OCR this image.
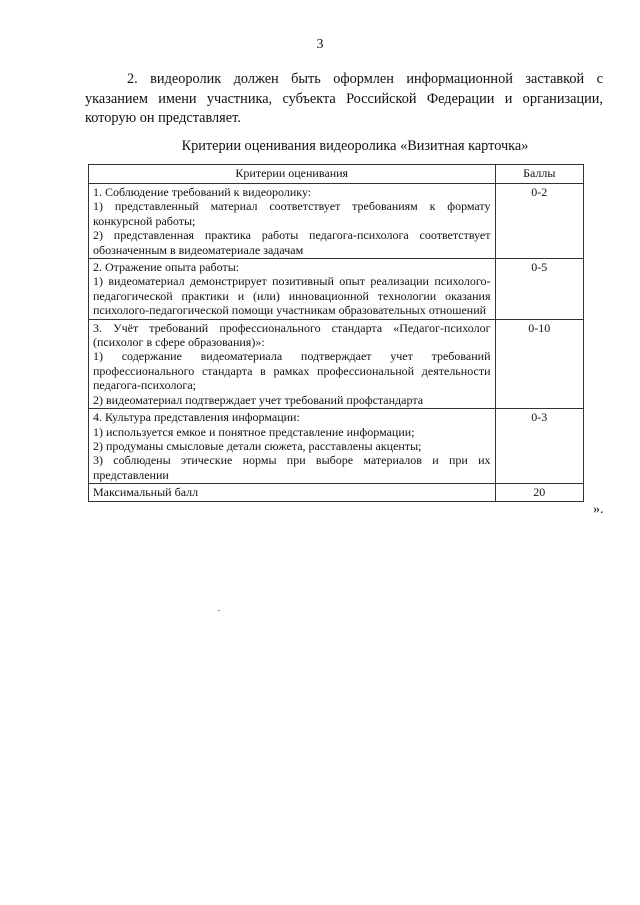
3

2. видеоролик должен быть оформлен информационной заставкой с указанием имени участника, субъекта Российской Федерации и организации, которую он представляет.

Критерии оценивания видеоролика «Визитная карточка»
Критерии оценивания	Баллы

1. Соблюдение требований к видеоролику:

1) представленный материал соответствует требованиям к формату конкурсной работы;

2) представленная практика работы педагога-психолога соответствует обозначенным в видеоматериале задачам	0-2

2. Отражение опыта работы:

1) видеоматериал демонстрирует позитивный опыт реализации психолого-педагогической практики и (или) инновационной технологии оказания психолого-педагогической помощи участникам образовательных отношений	0-5

3. Учёт требований профессионального стандарта «Педагог-психолог (психолог в сфере образования)»:

1) содержание видеоматериала подтверждает учет требований профессионального стандарта в рамках профессиональной деятельности педагога-психолога;

2) видеоматериал подтверждает учет требований профстандарта	0-10

4. Культура представления информации:

1) используется емкое и понятное представление информации;

2) продуманы смысловые детали сюжета, расставлены акценты;

3) соблюдены этические нормы при выборе материалов и при их представлении	0-3
Максимальный балл	20
».
